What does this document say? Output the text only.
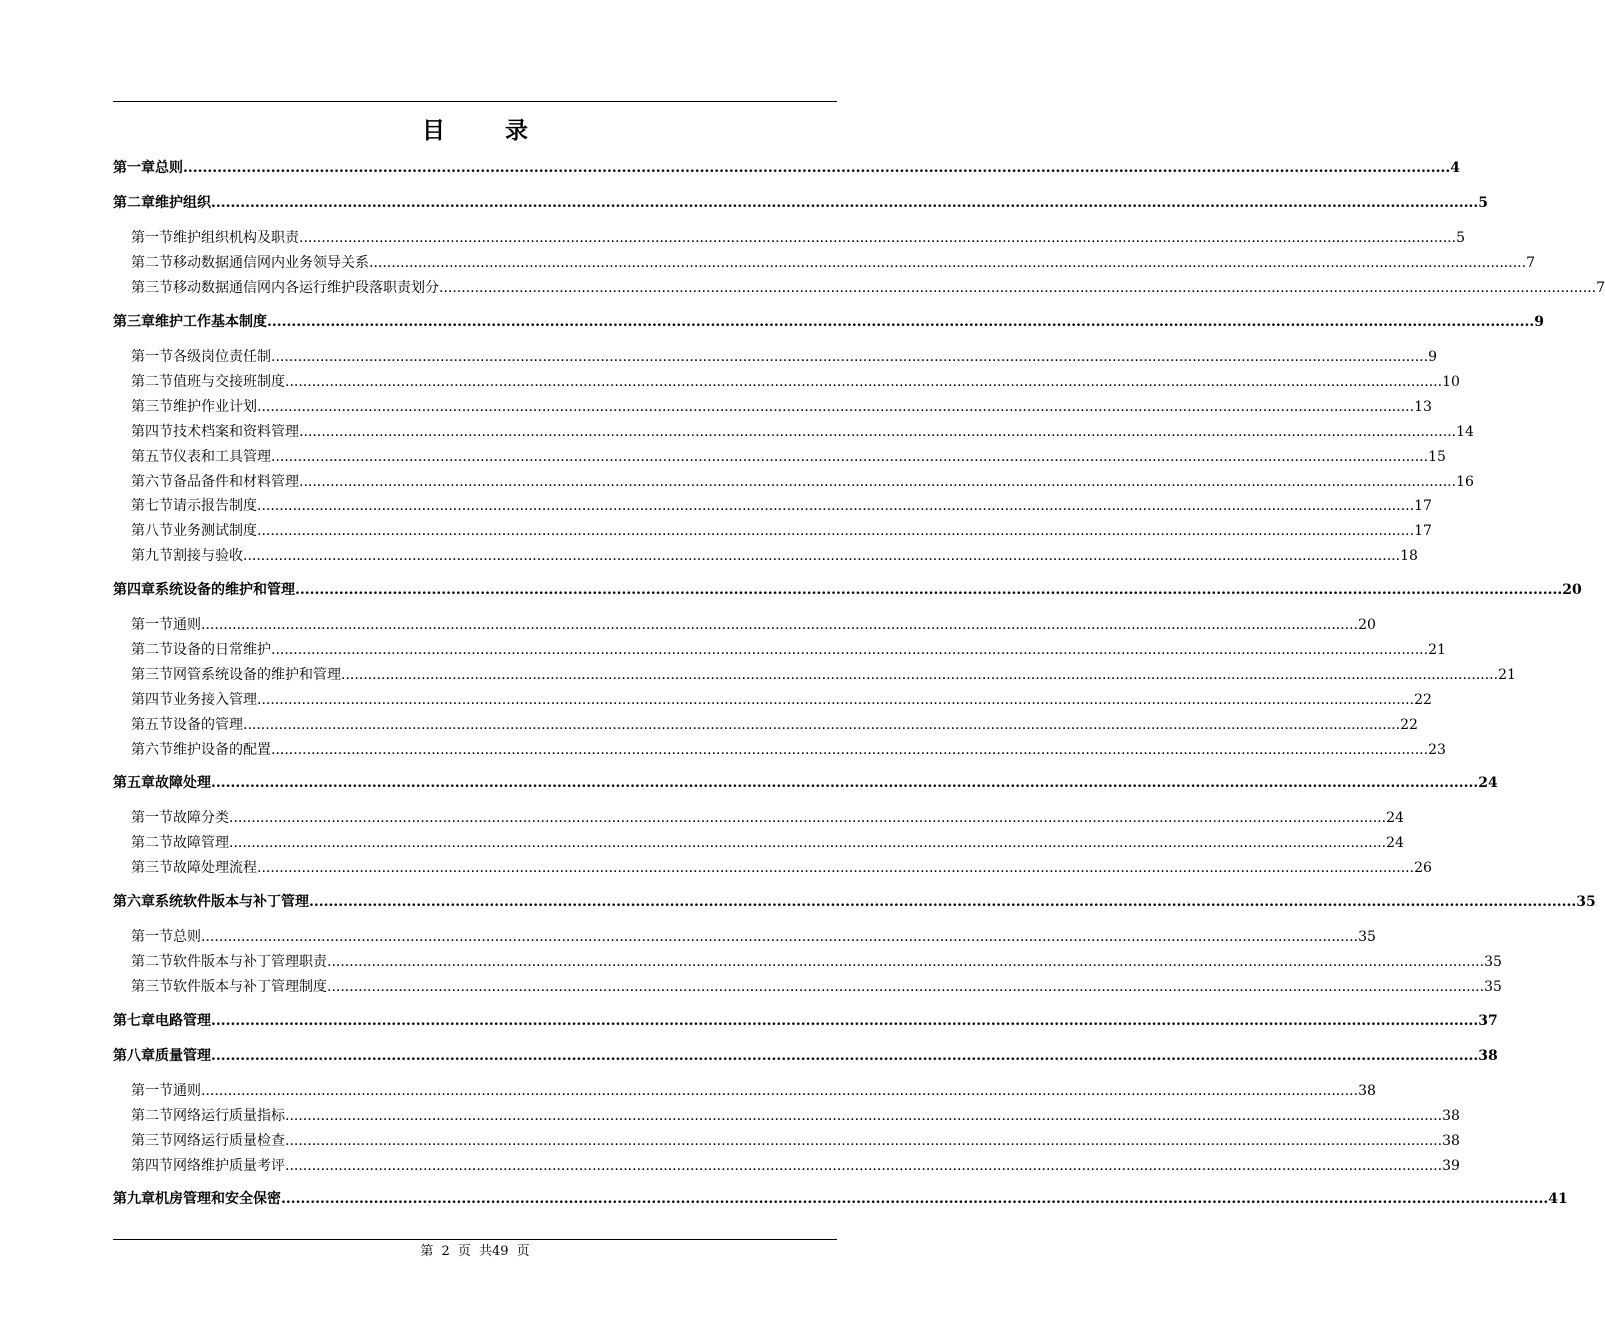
目 录
第一章 总则 .................................................................................................................................................................................................................................................................... 4
第二章 维护组织 .................................................................................................................................................................................................................................................................... 5
第一节 维护组织机构及职责 .................................................................................................................................................................................................................................................................... 5
第二节 移动数据通信网内业务领导关系 .................................................................................................................................................................................................................................................................... 7
第三节 移动数据通信网内各运行维护段落职责划分 .................................................................................................................................................................................................................................................................... 7
第三章 维护工作基本制度 .................................................................................................................................................................................................................................................................... 9
第一节 各级岗位责任制 .................................................................................................................................................................................................................................................................... 9
第二节 值班与交接班制度 .................................................................................................................................................................................................................................................................... 10
第三节 维护作业计划 .................................................................................................................................................................................................................................................................... 13
第四节 技术档案和资料管理 .................................................................................................................................................................................................................................................................... 14
第五节 仪表和工具管理 .................................................................................................................................................................................................................................................................... 15
第六节 备品备件和材料管理 .................................................................................................................................................................................................................................................................... 16
第七节 请示报告制度 .................................................................................................................................................................................................................................................................... 17
第八节 业务测试制度 .................................................................................................................................................................................................................................................................... 17
第九节 割接与验收 .................................................................................................................................................................................................................................................................... 18
第四章 系统设备的维护和管理 .................................................................................................................................................................................................................................................................... 20
第一节 通则 .................................................................................................................................................................................................................................................................... 20
第二节 设备的日常维护 .................................................................................................................................................................................................................................................................... 21
第三节 网管系统设备的维护和管理 .................................................................................................................................................................................................................................................................... 21
第四节 业务接入管理 .................................................................................................................................................................................................................................................................... 22
第五节 设备的管理 .................................................................................................................................................................................................................................................................... 22
第六节 维护设备的配置 .................................................................................................................................................................................................................................................................... 23
第五章 故障处理 .................................................................................................................................................................................................................................................................... 24
第一节 故障分类 .................................................................................................................................................................................................................................................................... 24
第二节 故障管理 .................................................................................................................................................................................................................................................................... 24
第三节 故障处理流程 .................................................................................................................................................................................................................................................................... 26
第六章 系统软件版本与补丁管理 .................................................................................................................................................................................................................................................................... 35
第一节 总则 .................................................................................................................................................................................................................................................................... 35
第二节 软件版本与补丁管理职责 .................................................................................................................................................................................................................................................................... 35
第三节 软件版本与补丁管理制度 .................................................................................................................................................................................................................................................................... 35
第七章 电路管理 .................................................................................................................................................................................................................................................................... 37
第八章 质量管理 .................................................................................................................................................................................................................................................................... 38
第一节 通则 .................................................................................................................................................................................................................................................................... 38
第二节 网络运行质量指标 .................................................................................................................................................................................................................................................................... 38
第三节 网络运行质量检查 .................................................................................................................................................................................................................................................................... 38
第四节 网络维护质量考评 .................................................................................................................................................................................................................................................................... 39
第九章 机房管理和安全保密 .................................................................................................................................................................................................................................................................... 41
第 2 页 共49 页
